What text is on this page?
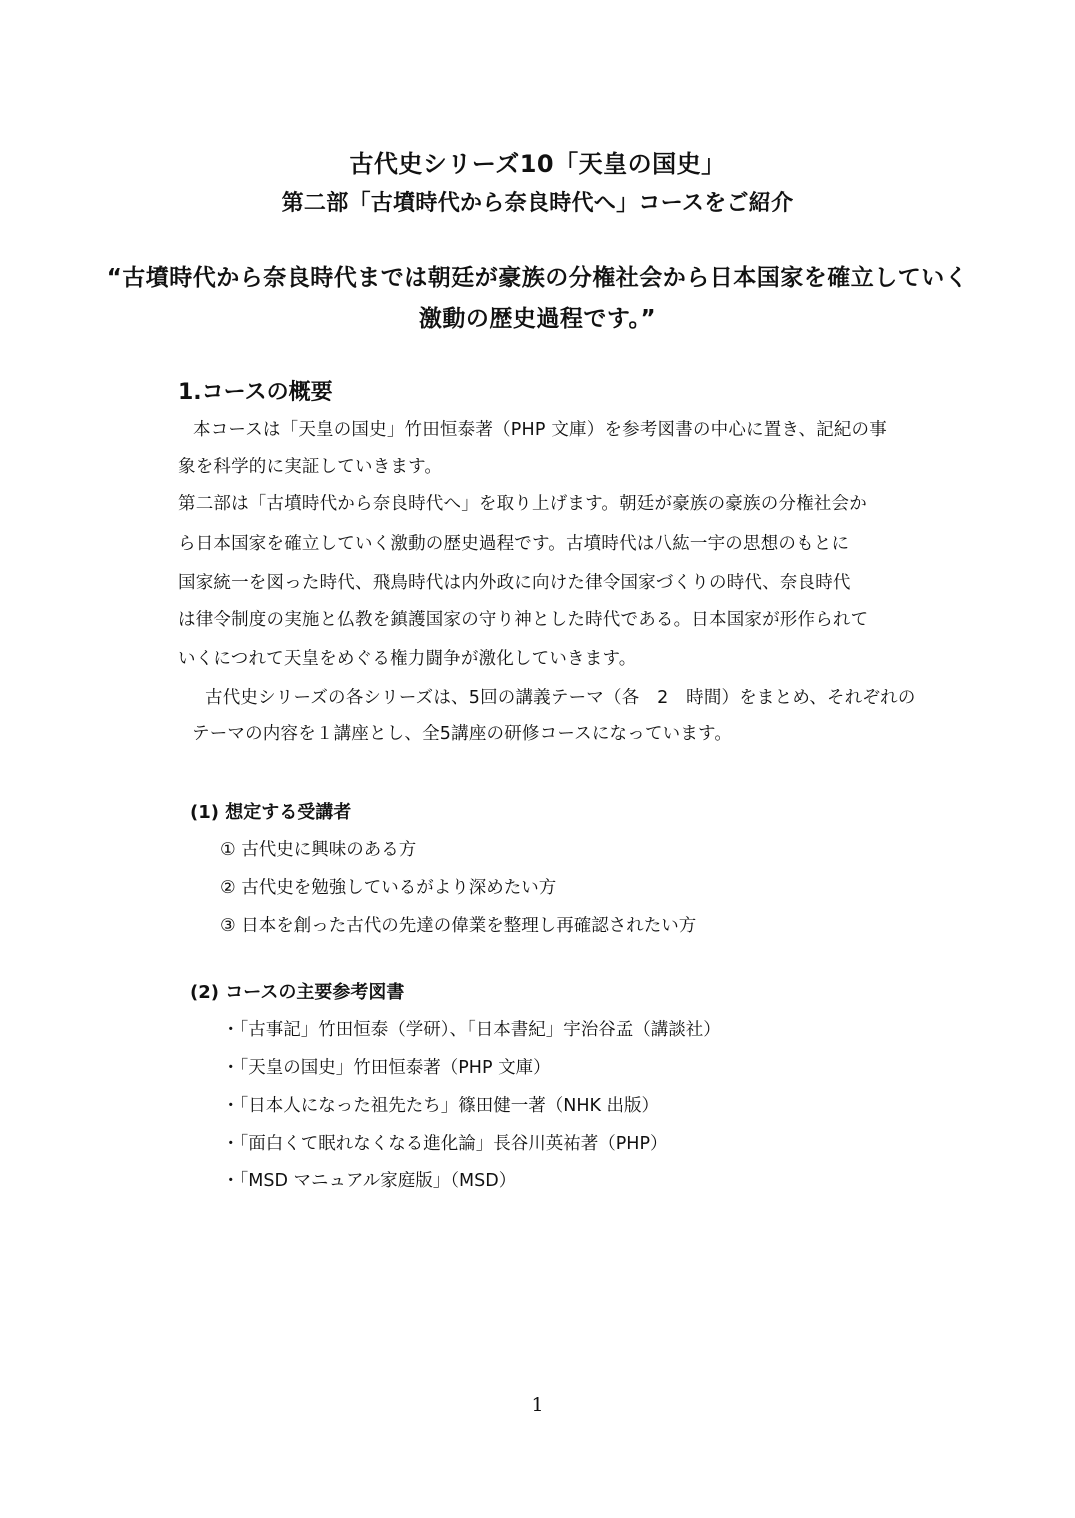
古代史シリーズ10「天皇の国史」
第二部「古墳時代から奈良時代へ」コースをご紹介
“古墳時代から奈良時代までは朝廷が豪族の分権社会から日本国家を確立していく
激動の歴史過程です。”
1.コースの概要
本コースは「天皇の国史」竹田恒泰著（PHP 文庫）を参考図書の中心に置き、記紀の事
象を科学的に実証していきます。
第二部は「古墳時代から奈良時代へ」を取り上げます。朝廷が豪族の豪族の分権社会か
ら日本国家を確立していく激動の歴史過程です。古墳時代は八紘一宇の思想のもとに
国家統一を図った時代、飛鳥時代は内外政に向けた律令国家づくりの時代、奈良時代
は律令制度の実施と仏教を鎮護国家の守り神とした時代である。日本国家が形作られて
いくにつれて天皇をめぐる権力闘争が激化していきます。
古代史シリーズの各シリーズは、5回の講義テーマ（各　2　時間）をまとめ、それぞれの
テーマの内容を１講座とし、全5講座の研修コースになっています。
(1) 想定する受講者
① 古代史に興味のある方
② 古代史を勉強しているがより深めたい方
③ 日本を創った古代の先達の偉業を整理し再確認されたい方
(2) コースの主要参考図書
・「古事記」竹田恒泰（学研）、「日本書紀」宇治谷孟（講談社）
・「天皇の国史」竹田恒泰著（PHP 文庫）
・「日本人になった祖先たち」篠田健一著（NHK 出版）
・「面白くて眠れなくなる進化論」長谷川英祐著（PHP）
・「MSD マニュアル家庭版」（MSD）
1
